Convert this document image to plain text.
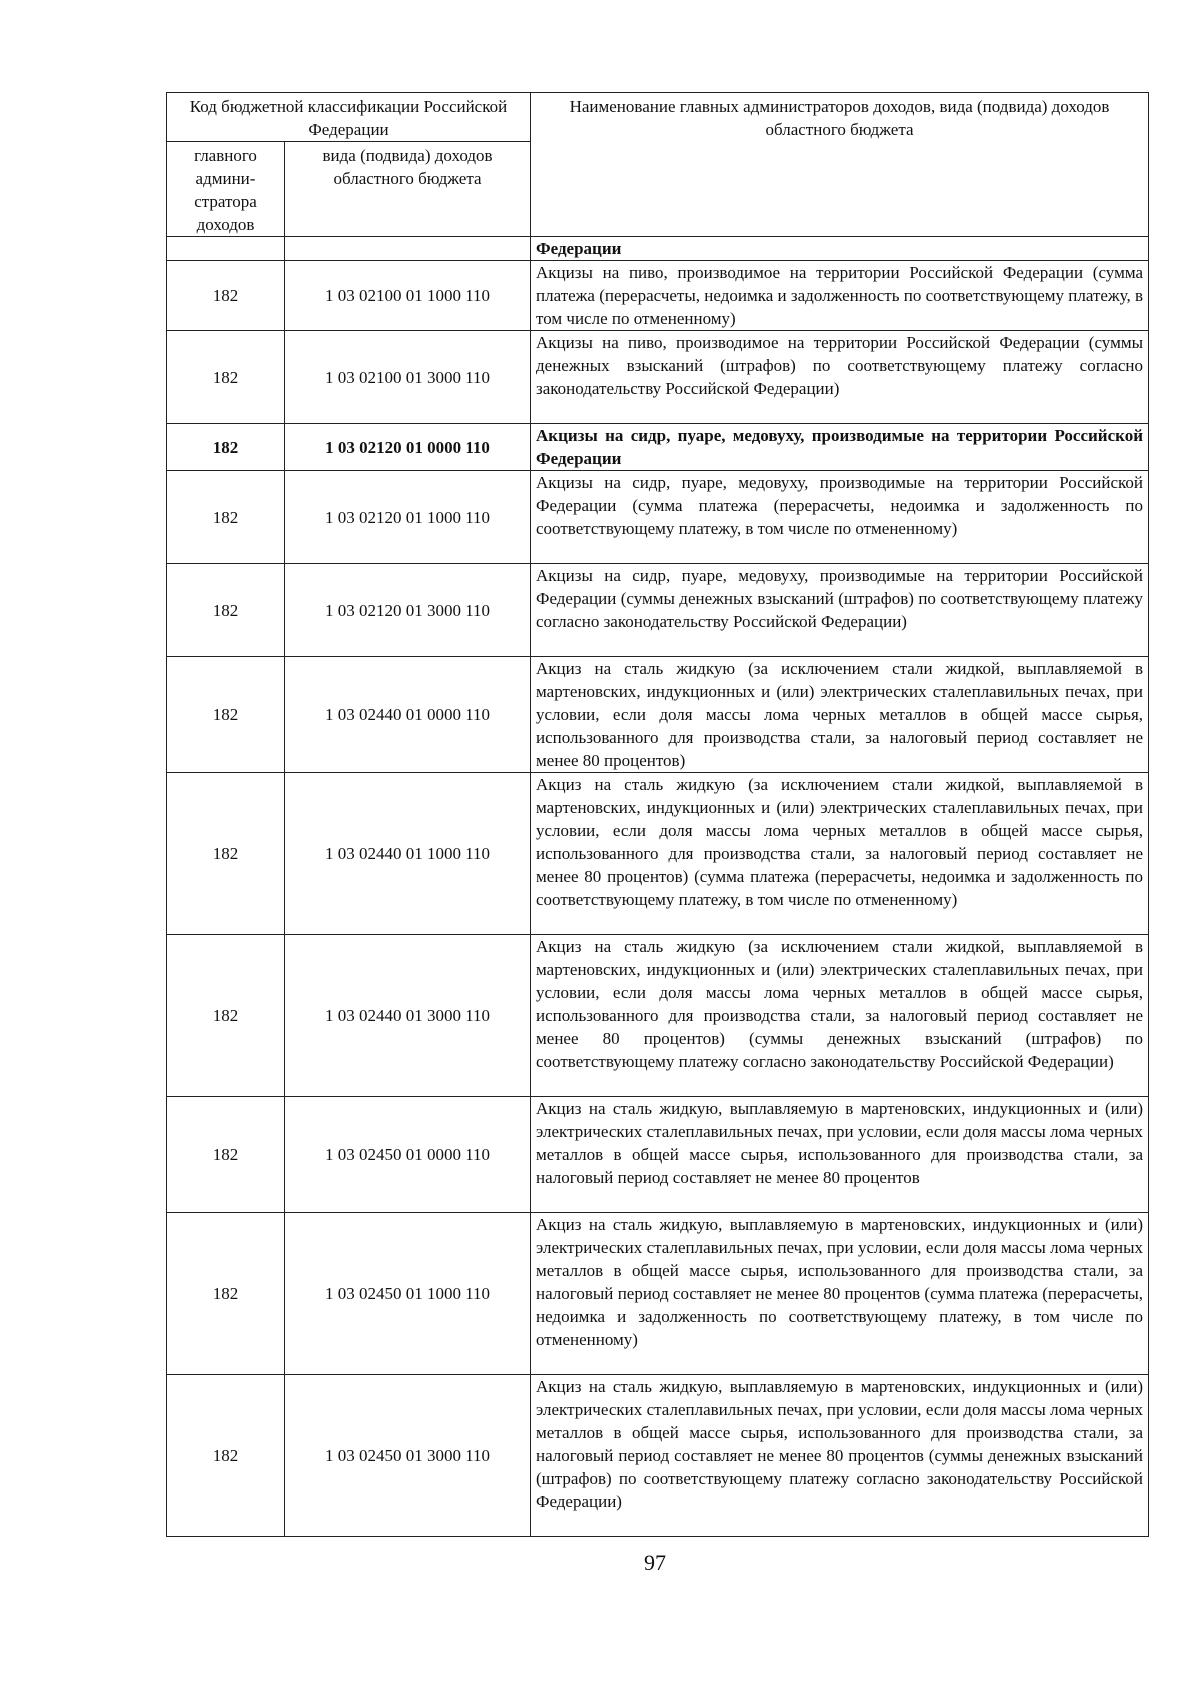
Код бюджетной классификации Российской Федерации		Наименование главных администраторов доходов, вида (подвида) доходов областного бюджета
главного админи-стратора доходов	вида (подвида) доходов областного бюджета	
		Федерации
182	1 03 02100 01 1000 110	Акцизы на пиво, производимое на территории Российской Федерации (сумма платежа (перерасчеты, недоимка и задолженность по соответствующему платежу, в том числе по отмененному)
182	1 03 02100 01 3000 110	Акцизы на пиво, производимое на территории Российской Федерации (суммы денежных взысканий (штрафов) по соответствующему платежу согласно законодательству Российской Федерации)
182	1 03 02120 01 0000 110	Акцизы на сидр, пуаре, медовуху, производимые на территории Российской Федерации
182	1 03 02120 01 1000 110	Акцизы на сидр, пуаре, медовуху, производимые на территории Российской Федерации (сумма платежа (перерасчеты, недоимка и задолженность по соответствующему платежу, в том числе по отмененному)
182	1 03 02120 01 3000 110	Акцизы на сидр, пуаре, медовуху, производимые на территории Российской Федерации (суммы денежных взысканий (штрафов) по соответствующему платежу согласно законодательству Российской Федерации)
182	1 03 02440 01 0000 110	Акциз на сталь жидкую (за исключением стали жидкой, выплавляемой в мартеновских, индукционных и (или) электрических сталеплавильных печах, при условии, если доля массы лома черных металлов в общей массе сырья, использованного для производства стали, за налоговый период составляет не менее 80 процентов)
182	1 03 02440 01 1000 110	Акциз на сталь жидкую (за исключением стали жидкой, выплавляемой в мартеновских, индукционных и (или) электрических сталеплавильных печах, при условии, если доля массы лома черных металлов в общей массе сырья, использованного для производства стали, за налоговый период составляет не менее 80 процентов) (сумма платежа (перерасчеты, недоимка и задолженность по соответствующему платежу, в том числе по отмененному)
182	1 03 02440 01 3000 110	Акциз на сталь жидкую (за исключением стали жидкой, выплавляемой в мартеновских, индукционных и (или) электрических сталеплавильных печах, при условии, если доля массы лома черных металлов в общей массе сырья, использованного для производства стали, за налоговый период составляет не менее 80 процентов) (суммы денежных взысканий (штрафов) по соответствующему платежу согласно законодательству Российской Федерации)
182	1 03 02450 01 0000 110	Акциз на сталь жидкую, выплавляемую в мартеновских, индукционных и (или) электрических сталеплавильных печах, при условии, если доля массы лома черных металлов в общей массе сырья, использованного для производства стали, за налоговый период составляет не менее 80 процентов
182	1 03 02450 01 1000 110	Акциз на сталь жидкую, выплавляемую в мартеновских, индукционных и (или) электрических сталеплавильных печах, при условии, если доля массы лома черных металлов в общей массе сырья, использованного для производства стали, за налоговый период составляет не менее 80 процентов (сумма платежа (перерасчеты, недоимка и задолженность по соответствующему платежу, в том числе по отмененному)
182	1 03 02450 01 3000 110	Акциз на сталь жидкую, выплавляемую в мартеновских, индукционных и (или) электрических сталеплавильных печах, при условии, если доля массы лома черных металлов в общей массе сырья, использованного для производства стали, за налоговый период составляет не менее 80 процентов (суммы денежных взысканий (штрафов) по соответствующему платежу согласно законодательству Российской Федерации)
97
